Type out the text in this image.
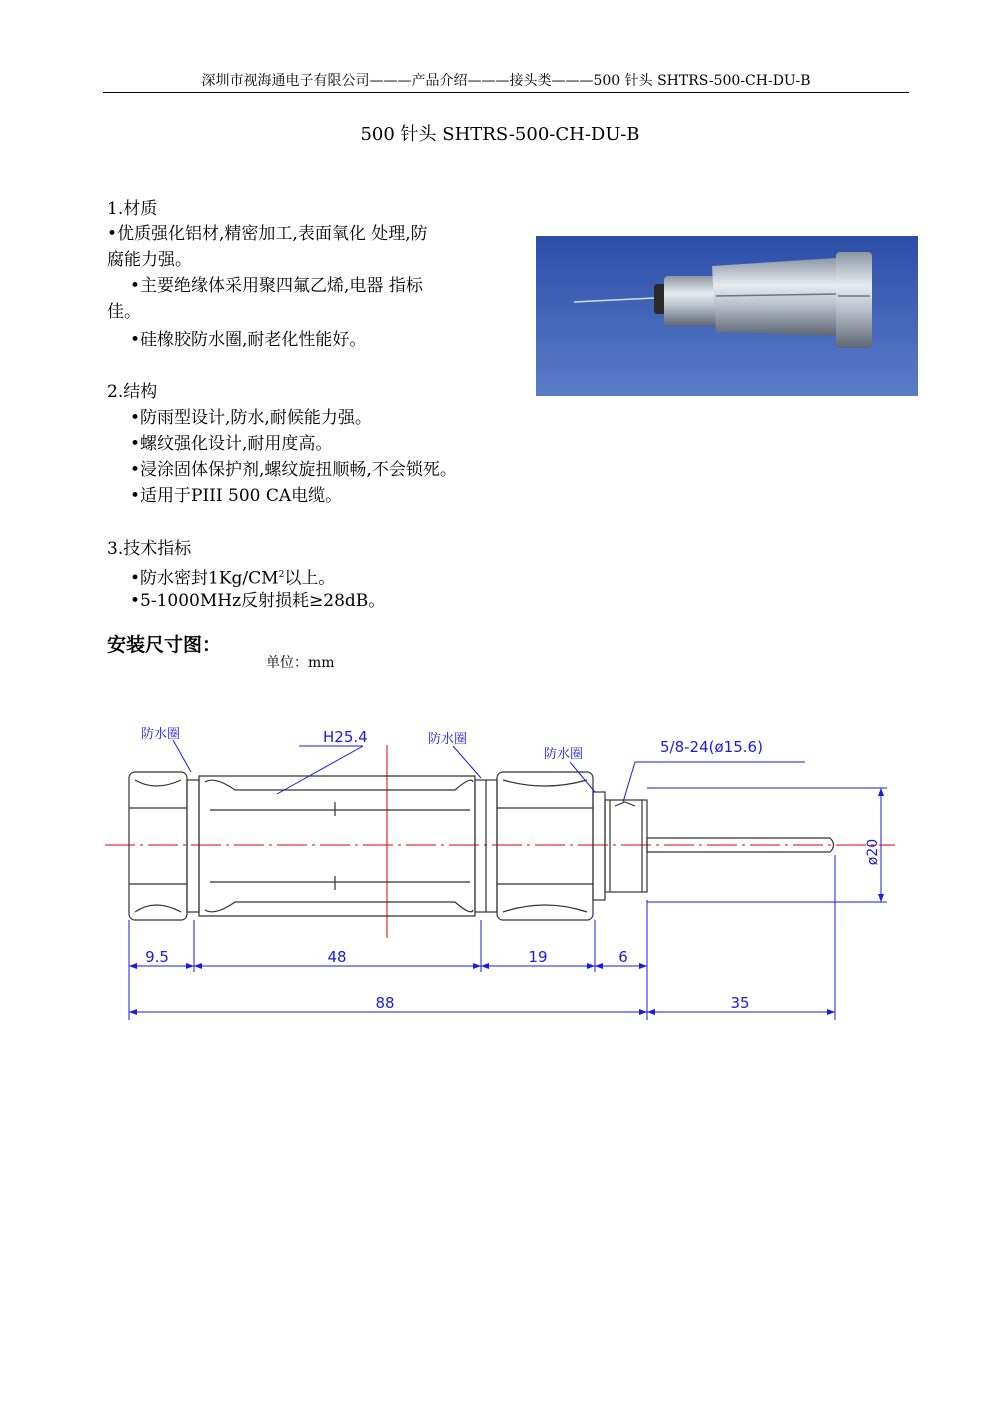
深圳市视海通电子有限公司———产品介绍———接头类———500 针头 SHTRS-500-CH-DU-B
500 针头 SHTRS-500-CH-DU-B
1.材质
•优质强化铝材,精密加工,表面氧化 处理,防
腐能力强。
•主要绝缘体采用聚四氟乙烯,电器 指标
佳。
•硅橡胶防水圈,耐老化性能好。
2.结构
•防雨型设计,防水,耐候能力强。
•螺纹强化设计,耐用度高。
•浸涂固体保护剂,螺纹旋扭顺畅,不会锁死。
•适用于PIII 500 CA电缆。
3.技术指标
•防水密封$1Kg/CM^2$以上。
•5-1000MHz反射损耗≥28dB。
安装尺寸图：
单位：mm
防水圈	H25.4	防水圈
防水圈	5/8-24(ø15.6)
ø20
9.5	48	19	6
88	35
